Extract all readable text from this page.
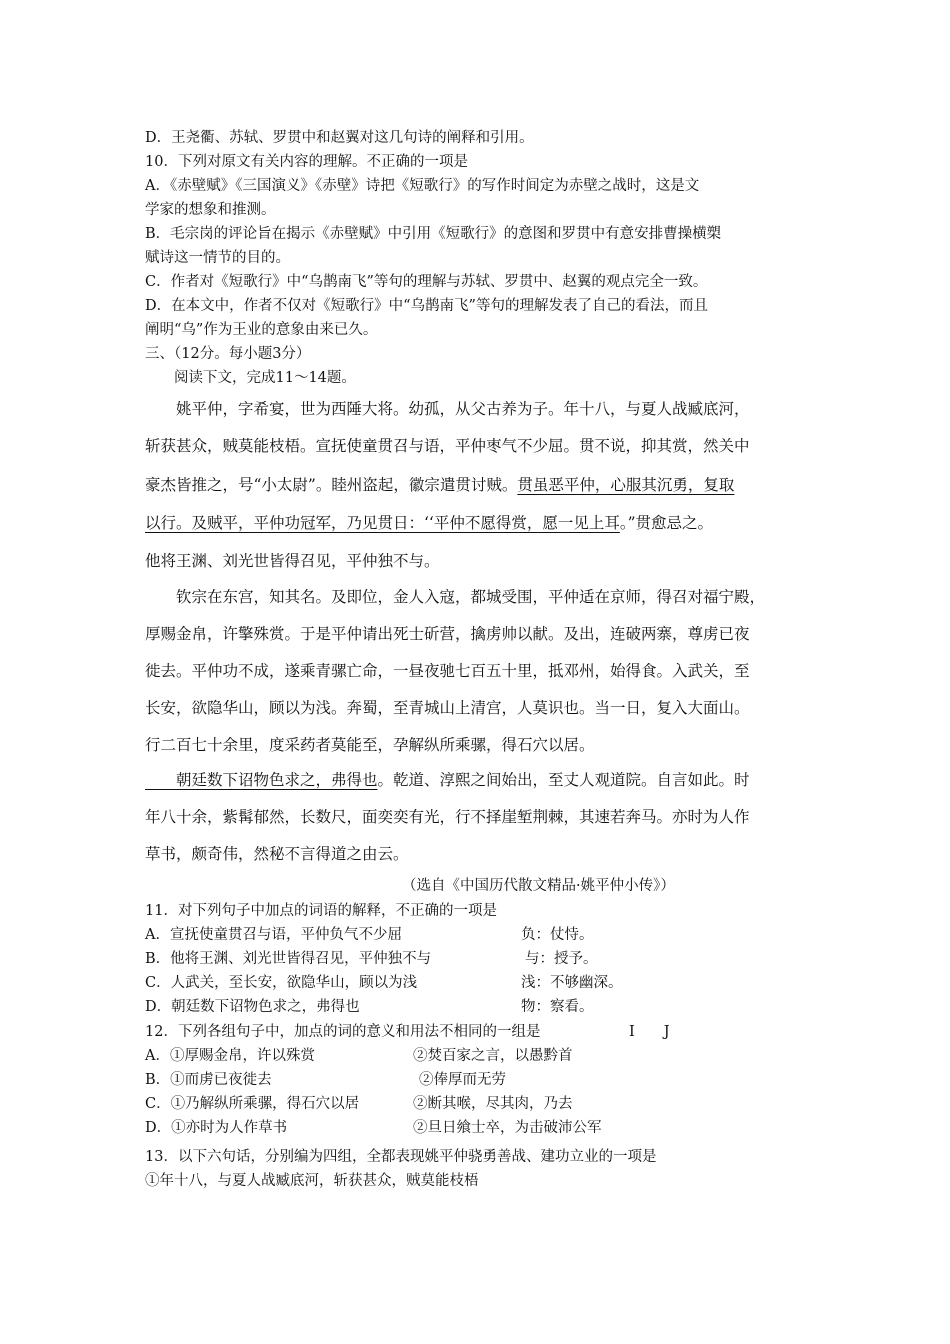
D．王尧衢、苏轼、罗贯中和赵翼对这几句诗的阐释和引用。
10．下列对原文有关内容的理解。不正确的一项是
A．《赤壁赋》《三国演义》《赤壁》诗把《短歌行》的写作时间定为赤壁之战时，这是文
学家的想象和推测。
B．毛宗岗的评论旨在揭示《赤壁赋》中引用《短歌行》的意图和罗贯中有意安排曹操横槊
赋诗这一情节的目的。
C．作者对《短歌行》中“乌鹊南飞”等句的理解与苏轼、罗贯中、赵翼的观点完全一致。
D．在本文中，作者不仅对《短歌行》中“乌鹊南飞”等句的理解发表了自己的看法，而且
阐明“乌”作为王业的意象由来已久。
三、（12分。每小题3分）
　　阅读下文，完成11～14题。
　　姚平仲，字希宴，世为西陲大将。幼孤，从父古养为子。年十八，与夏人战臧底河，
斩获甚众，贼莫能枝梧。宣抚使童贯召与语，平仲枣气不少屈。贯不说，抑其赏，然关中
豪杰皆推之，号“小太尉”。睦州盗起，徽宗遣贯讨贼。贯虽恶平仲，心服其沉勇，复取
以行。及贼平，平仲功冠军，乃见贯日：‘‘平仲不愿得赏，愿一见上耳。”贯愈忌之。
他将王渊、刘光世皆得召见，平仲独不与。
　　钦宗在东宫，知其名。及即位，金人入寇，都城受围，平仲适在京师，得召对福宁殿，
厚赐金帛，许擎殊赏。于是平仲请出死士斫营，擒虏帅以献。及出，连破两寨，尊虏已夜
徙去。平仲功不成，遂乘青骡亡命，一昼夜驰七百五十里，抵邓州，始得食。入武关，至
长安，欲隐华山，顾以为浅。奔蜀，至青城山上清宫，人莫识也。当一日，复入大面山。
行二百七十余里，度采药者莫能至，孕解纵所乘骡，得石穴以居。
　　朝廷数下诏物色求之，弗得也。乾道、淳熙之间始出，至丈人观道院。自言如此。时
年八十余，紫髯郁然，长数尺，面奕奕有光，行不择崖堑荆棘，其速若奔马。亦时为人作
草书，颇奇伟，然秘不言得道之由云。
（选自《中国历代散文精品·姚平仲小传》）
11．对下列句子中加点的词语的解释，不正确的一项是
A．宣抚使童贯召与语，平仲负气不少屈	负：仗恃。
B．他将王渊、刘光世皆得召见，平仲独不与	与：授予。
C．人武关，至长安，欲隐华山，顾以为浅	浅：不够幽深。
D．朝廷数下诏物色求之，弗得也	物：察看。
12．下列各组句子中，加点的词的意义和用法不相同的一组是	I　　J
A．①厚赐金帛，许以殊赏	②焚百家之言，以愚黔首
B．①而虏已夜徙去	②俸厚而无劳
C．①乃解纵所乘骡，得石穴以居	②断其喉，尽其肉，乃去
D．①亦时为人作草书	②旦日飨士卒，为击破沛公军
13．以下六句话，分别编为四组，全都表现姚平仲骁勇善战、建功立业的一项是
①年十八，与夏人战臧底河，斩获甚众，贼莫能枝梧
